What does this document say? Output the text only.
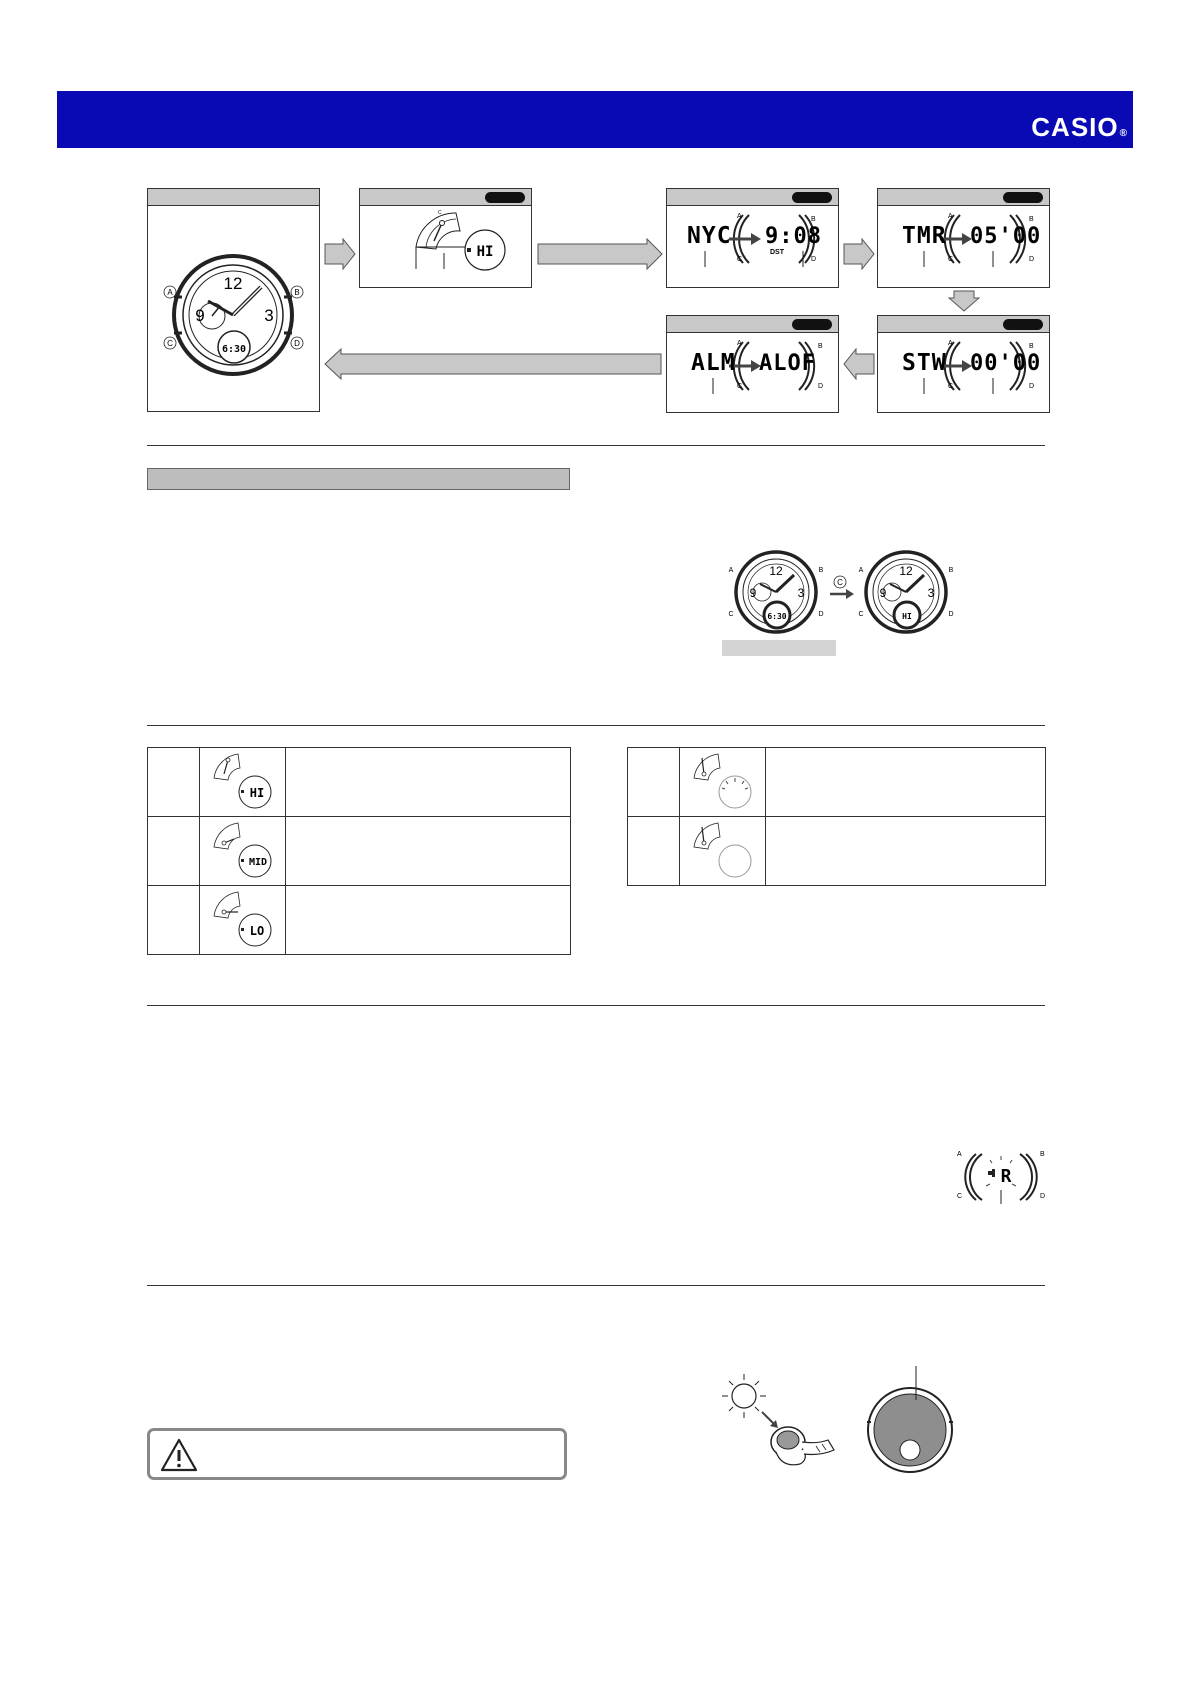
CASIO®
12
9	3
6:30
A	B
C	D
C
HI
A	B
C	D
NYC 9:08
DST
A	B
C	D
TMR 05'00
A	B
C	D
ALM ALOF
A	B
C	D
STW 00'00
12
9	3
6:30
A	B
C	D
C
12
9	3
HI
A	B
C	D

HI	

MID	

LO	

R
A	B
C	D
